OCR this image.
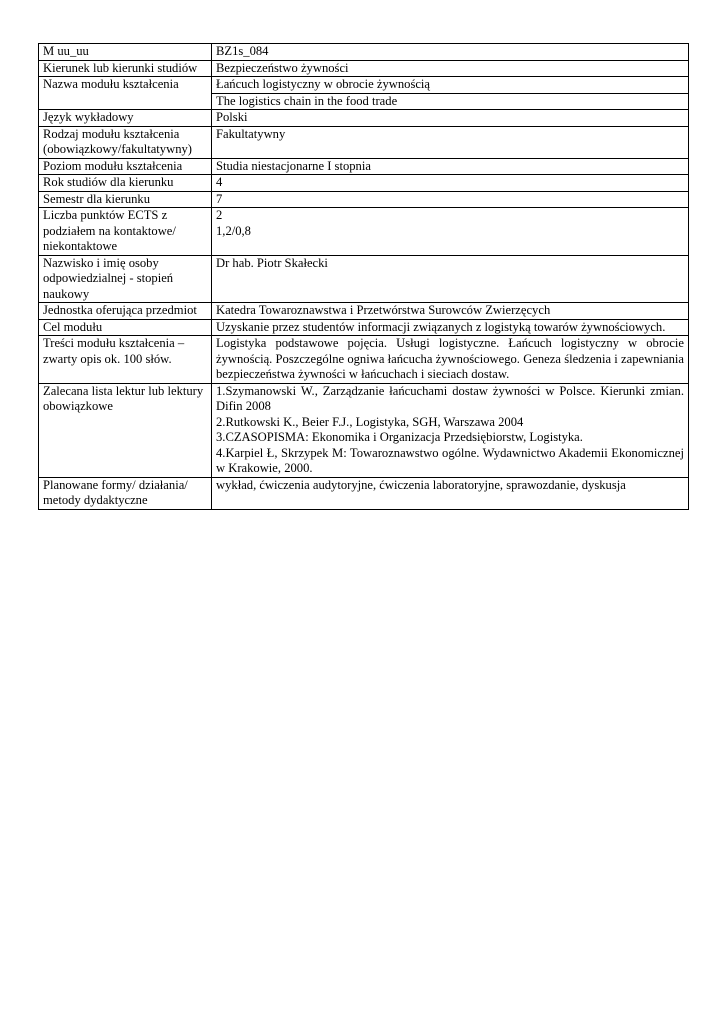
M uu_uu	BZ1s_084
Kierunek lub kierunki studiów	Bezpieczeństwo żywności
Nazwa modułu kształcenia	Łańcuch logistyczny w obrocie żywnością
	The logistics chain in the food trade
Język wykładowy	Polski
Rodzaj modułu kształcenia (obowiązkowy/fakultatywny)	Fakultatywny
Poziom modułu kształcenia	Studia niestacjonarne I stopnia
Rok studiów dla kierunku	4
Semestr dla kierunku	7
Liczba punktów ECTS z podziałem na kontaktowe/ niekontaktowe	2
1,2/0,8

Nazwisko i imię osoby odpowiedzialnej - stopień naukowy	Dr hab. Piotr Skałecki
Jednostka oferująca przedmiot	Katedra Towaroznawstwa i Przetwórstwa Surowców Zwierzęcych
Cel modułu	Uzyskanie przez studentów informacji związanych z logistyką towarów żywnościowych.
Treści modułu kształcenia – zwarty opis ok. 100 słów.	Logistyka podstawowe pojęcia. Usługi logistyczne. Łańcuch logistyczny w obrocie żywnością. Poszczególne ogniwa łańcucha żywnościowego. Geneza śledzenia i zapewniania bezpieczeństwa żywności w łańcuchach i sieciach dostaw.
Zalecana lista lektur lub lektury obowiązkowe	1.Szymanowski W., Zarządzanie łańcuchami dostaw żywności w Polsce. Kierunki zmian. Difin 2008
2.Rutkowski K., Beier F.J., Logistyka, SGH, Warszawa 2004
3.CZASOPISMA: Ekonomika i Organizacja Przedsiębiorstw, Logistyka.
4.Karpiel Ł, Skrzypek M: Towaroznawstwo ogólne. Wydawnictwo Akademii Ekonomicznej w Krakowie, 2000.

Planowane formy/ działania/ metody dydaktyczne	wykład, ćwiczenia audytoryjne, ćwiczenia laboratoryjne, sprawozdanie, dyskusja
